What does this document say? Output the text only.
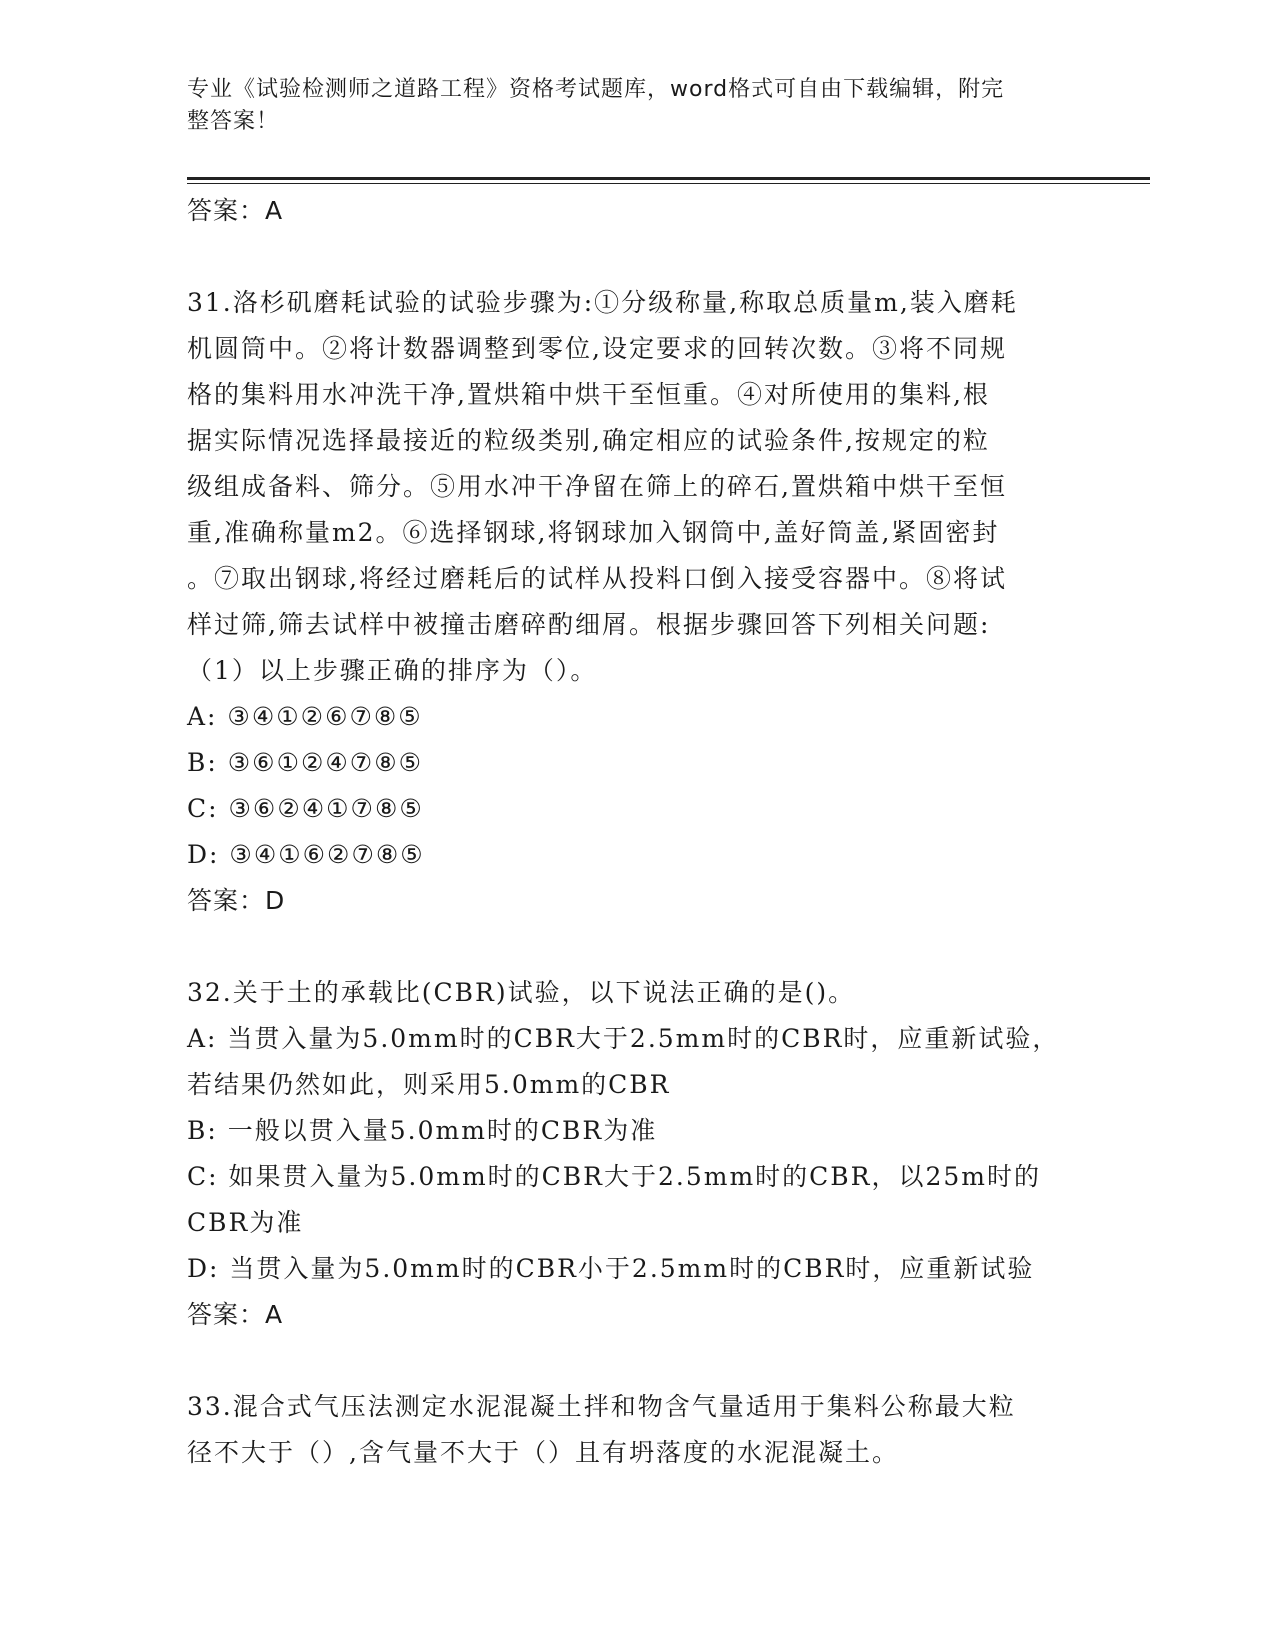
专业《试验检测师之道路工程》资格考试题库，word格式可自由下载编辑，附完
整答案！
答案：A
31.洛杉矶磨耗试验的试验步骤为:①分级称量,称取总质量m,装入磨耗
机圆筒中。②将计数器调整到零位,设定要求的回转次数。③将不同规
格的集料用水冲洗干净,置烘箱中烘干至恒重。④对所使用的集料,根
据实际情况选择最接近的粒级类别,确定相应的试验条件,按规定的粒
级组成备料、筛分。⑤用水冲干净留在筛上的碎石,置烘箱中烘干至恒
重,准确称量m2。⑥选择钢球,将钢球加入钢筒中,盖好筒盖,紧固密封
。⑦取出钢球,将经过磨耗后的试样从投料口倒入接受容器中。⑧将试
样过筛,筛去试样中被撞击磨碎酌细屑。根据步骤回答下列相关问题:
（1）以上步骤正确的排序为（）。
A: ③④①②⑥⑦⑧⑤
B: ③⑥①②④⑦⑧⑤
C: ③⑥②④①⑦⑧⑤
D: ③④①⑥②⑦⑧⑤
答案：D
32.关于土的承载比(CBR)试验，以下说法正确的是()。
A: 当贯入量为5.0mm时的CBR大于2.5mm时的CBR时，应重新试验，
若结果仍然如此，则采用5.0mm的CBR
B: 一般以贯入量5.0mm时的CBR为准
C: 如果贯入量为5.0mm时的CBR大于2.5mm时的CBR，以25m时的
CBR为准
D: 当贯入量为5.0mm时的CBR小于2.5mm时的CBR时，应重新试验
答案：A
33.混合式气压法测定水泥混凝土拌和物含气量适用于集料公称最大粒
径不大于（）,含气量不大于（）且有坍落度的水泥混凝土。
